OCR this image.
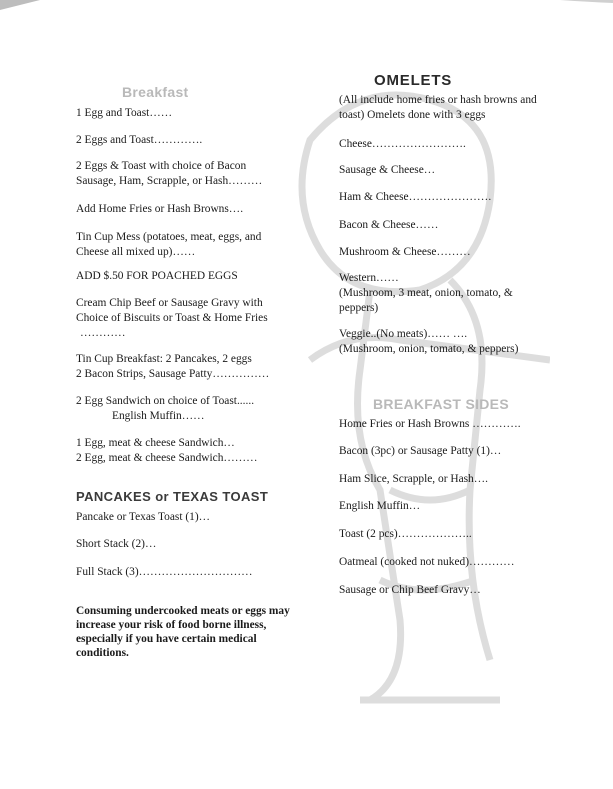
Breakfast
1 Egg and Toast……
2 Eggs and Toast………….
2 Eggs & Toast with choice of Bacon
Sausage, Ham, Scrapple, or Hash………
Add Home Fries or Hash Browns….
Tin Cup Mess (potatoes, meat, eggs, and
Cheese all mixed up)……
ADD $.50 FOR POACHED EGGS
Cream Chip Beef or Sausage Gravy with
Choice of Biscuits or Toast & Home Fries
…………
Tin Cup Breakfast: 2 Pancakes, 2 eggs
2 Bacon Strips, Sausage Patty……………
2 Egg Sandwich on choice of Toast......
English Muffin……
1 Egg, meat & cheese Sandwich…
2 Egg, meat & cheese Sandwich………
PANCAKES or TEXAS TOAST
Pancake or Texas Toast (1)…
Short Stack (2)…
Full Stack (3)…………………………
Consuming undercooked meats or eggs may increase your risk of food borne illness, especially if you have certain medical conditions.
OMELETS
(All include home fries or hash browns and toast) Omelets done with 3 eggs
Cheese…………………….
Sausage & Cheese…
Ham & Cheese………………….
Bacon & Cheese……
Mushroom & Cheese………
Western……
(Mushroom, 3 meat, onion, tomato, & peppers)
Veggie..(No meats)…… ….
(Mushroom, onion, tomato, & peppers)
BREAKFAST SIDES
Home Fries or Hash Browns ………….
Bacon (3pc) or Sausage Patty (1)…
Ham Slice, Scrapple, or Hash….
English Muffin…
Toast (2 pcs)………………..
Oatmeal (cooked not nuked)…………
Sausage or Chip Beef Gravy…
